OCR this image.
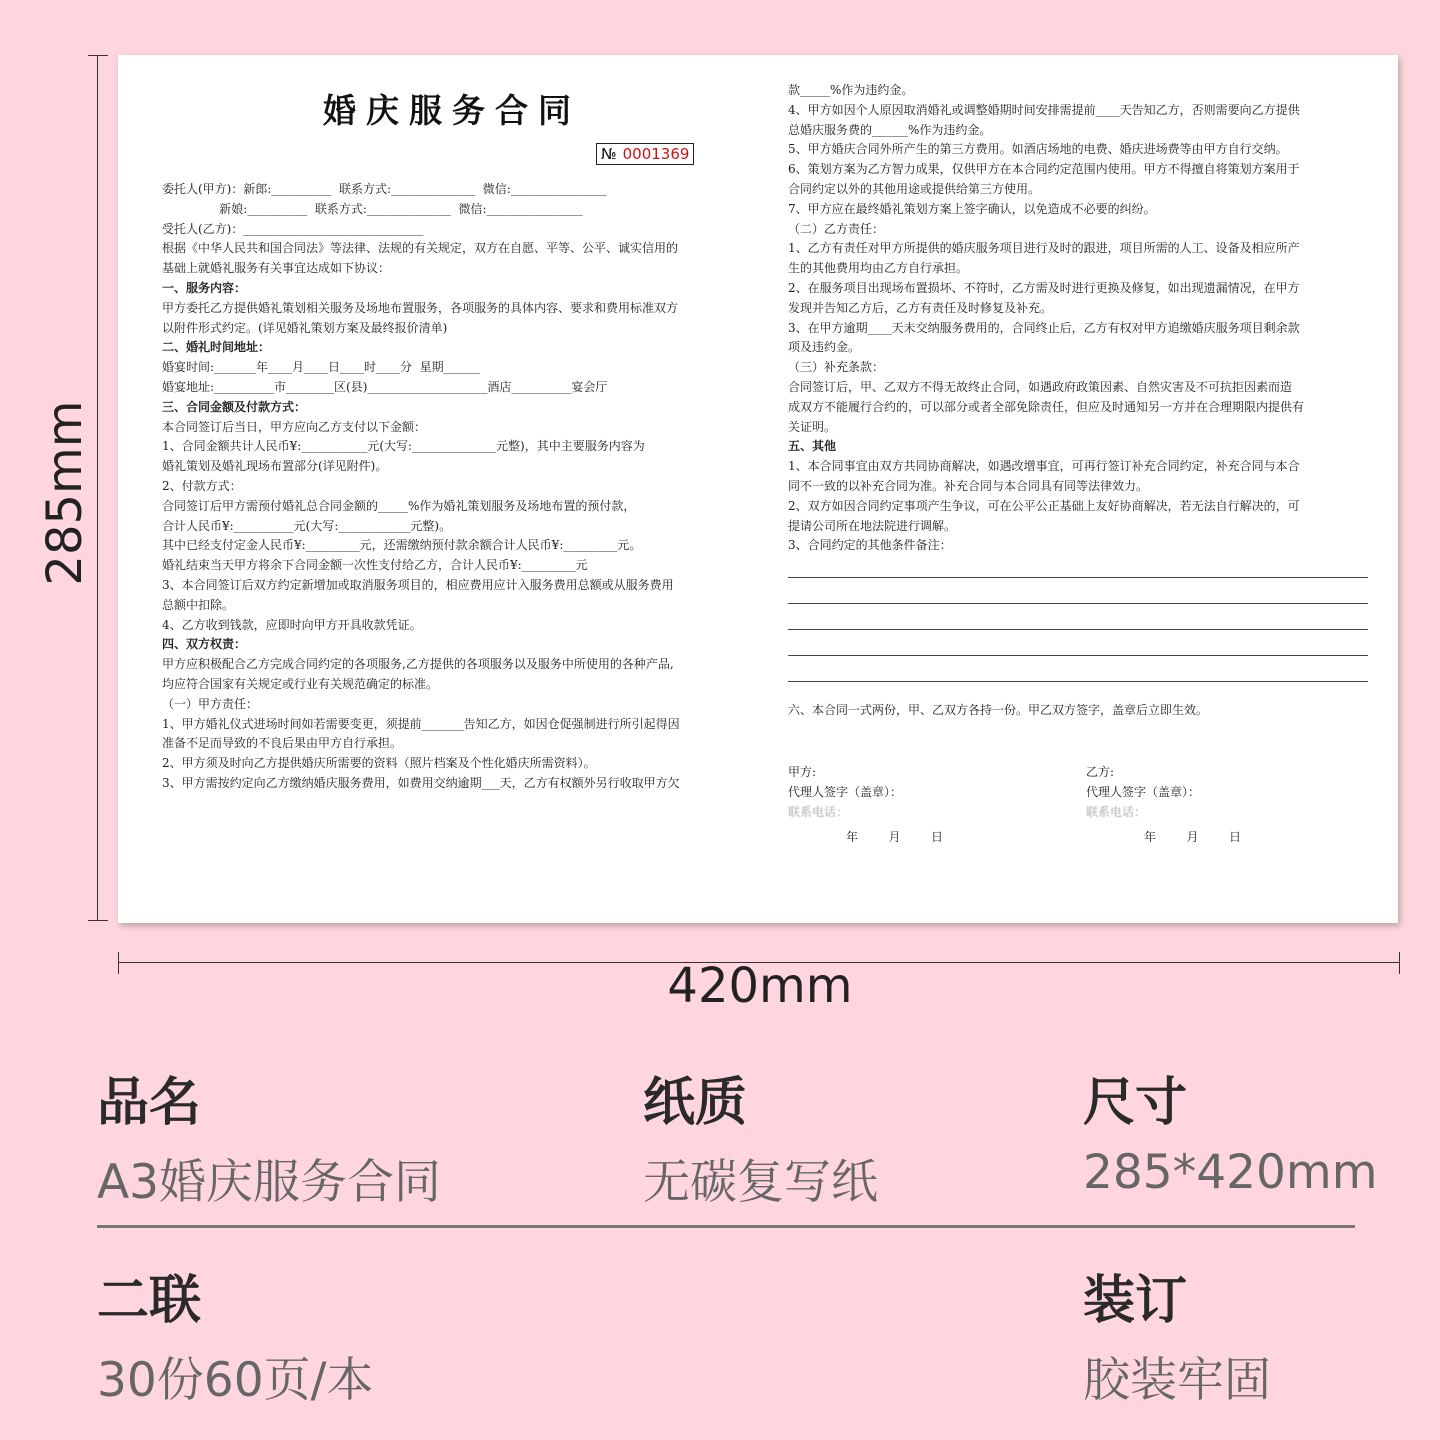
285mm
420mm
婚庆服务合同
№ 0001369

委托人(甲方)：新郎:__________  联系方式:______________  微信:________________

新娘:__________  联系方式:______________  微信:________________

受托人(乙方)：______________________________

根据《中华人民共和国合同法》等法律、法规的有关规定，双方在自愿、平等、公平、诚实信用的

基础上就婚礼服务有关事宜达成如下协议：

一、服务内容：

甲方委托乙方提供婚礼策划相关服务及场地布置服务，各项服务的具体内容、要求和费用标准双方

以附件形式约定。(详见婚礼策划方案及最终报价清单)

二、婚礼时间地址：

婚宴时间:_______年____月____日____时____分  星期______

婚宴地址:__________市________区(县)____________________酒店__________宴会厅

三、合同金额及付款方式：

本合同签订后当日，甲方应向乙方支付以下金额：

1、合同金额共计人民币¥:___________元(大写:______________元整)，其中主要服务内容为

婚礼策划及婚礼现场布置部分(详见附件)。

2、付款方式：

合同签订后甲方需预付婚礼总合同金额的_____%作为婚礼策划服务及场地布置的预付款，

合计人民币¥:__________元(大写:____________元整)。

其中已经支付定金人民币¥:_________元，还需缴纳预付款余额合计人民币¥:_________元。

婚礼结束当天甲方将余下合同金额一次性支付给乙方，合计人民币¥:_________元

3、本合同签订后双方约定新增加或取消服务项目的，相应费用应计入服务费用总额或从服务费用

总额中扣除。

4、乙方收到钱款，应即时向甲方开具收款凭证。

四、双方权责：

甲方应积极配合乙方完成合同约定的各项服务,乙方提供的各项服务以及服务中所使用的各种产品,

均应符合国家有关规定或行业有关规范确定的标准。

（一）甲方责任：

1、甲方婚礼仪式进场时间如若需要变更，须提前_______告知乙方，如因仓促强制进行所引起得因

准备不足而导致的不良后果由甲方自行承担。

2、甲方须及时向乙方提供婚庆所需要的资料（照片档案及个性化婚庆所需资料）。

3、甲方需按约定向乙方缴纳婚庆服务费用，如费用交纳逾期___天，乙方有权额外另行收取甲方欠

款_____%作为违约金。

4、甲方如因个人原因取消婚礼或调整婚期时间安排需提前____天告知乙方，否则需要向乙方提供

总婚庆服务费的______%作为违约金。

5、甲方婚庆合同外所产生的第三方费用。如酒店场地的电费、婚庆进场费等由甲方自行交纳。

6、策划方案为乙方智力成果，仅供甲方在本合同约定范围内使用。甲方不得擅自将策划方案用于

合同约定以外的其他用途或提供给第三方使用。

7、甲方应在最终婚礼策划方案上签字确认，以免造成不必要的纠纷。

（二）乙方责任：

1、乙方有责任对甲方所提供的婚庆服务项目进行及时的跟进，项目所需的人工、设备及相应所产

生的其他费用均由乙方自行承担。

2、在服务项目出现场布置损坏、不符时，乙方需及时进行更换及修复，如出现遗漏情况，在甲方

发现并告知乙方后，乙方有责任及时修复及补充。

3、在甲方逾期____天未交纳服务费用的，合同终止后，乙方有权对甲方追缴婚庆服务项目剩余款

项及违约金。

（三）补充条款：

合同签订后，甲、乙双方不得无故终止合同，如遇政府政策因素、自然灾害及不可抗拒因素而造

成双方不能履行合约的，可以部分或者全部免除责任，但应及时通知另一方并在合理期限内提供有

关证明。

五、其他

1、本合同事宜由双方共同协商解决，如遇改增事宜，可再行签订补充合同约定，补充合同与本合

同不一致的以补充合同为准。补充合同与本合同具有同等法律效力。

2、双方如因合同约定事项产生争议，可在公平公正基础上友好协商解决，若无法自行解决的，可

提请公司所在地法院进行调解。

3、合同约定的其他条件备注：

六、本合同一式两份，甲、乙双方各持一份。甲乙双方签字，盖章后立即生效。

甲方:

代理人签字（盖章）：

联系电话：

年        月        日

乙方:

代理人签字（盖章）：

联系电话：

年        月        日

品名
A3婚庆服务合同
纸质
无碳复写纸
尺寸
285*420mm
二联
30份60页/本
装订
胶装牢固
